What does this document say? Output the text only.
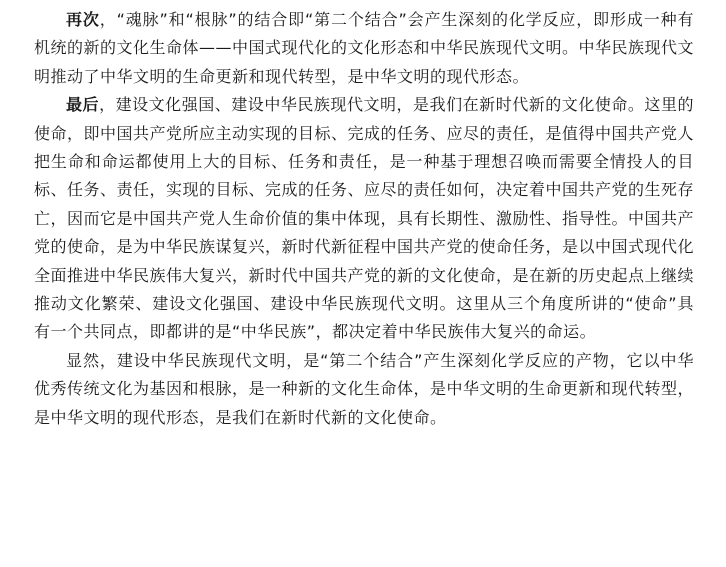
再次，“魂脉”和“根脉”的结合即“第二个结合”会产生深刻的化学反应，即形成一种有机统的新的文化生命体——中国式现代化的文化形态和中华民族现代文明。中华民族现代文明推动了中华文明的生命更新和现代转型，是中华文明的现代形态。

最后，建设文化强国、建设中华民族现代文明，是我们在新时代新的文化使命。这里的使命，即中国共产党所应主动实现的目标、完成的任务、应尽的责任，是值得中国共产党人把生命和命运都使用上大的目标、任务和责任，是一种基于理想召唤而需要全情投人的目标、任务、责任，实现的目标、完成的任务、应尽的责任如何，决定着中国共产党的生死存亡，因而它是中国共产党人生命价值的集中体现，具有长期性、激励性、指导性。中国共产党的使命，是为中华民族谋复兴，新时代新征程中国共产党的使命任务，是以中国式现代化全面推进中华民族伟大复兴，新时代中国共产党的新的文化使命，是在新的历史起点上继续推动文化繁荣、建设文化强国、建设中华民族现代文明。这里从三个角度所讲的“使命”具有一个共同点，即都讲的是“中华民族”，都决定着中华民族伟大复兴的命运。

显然，建设中华民族现代文明，是“第二个结合”产生深刻化学反应的产物，它以中华优秀传统文化为基因和根脉，是一种新的文化生命体，是中华文明的生命更新和现代转型，是中华文明的现代形态，是我们在新时代新的文化使命。
